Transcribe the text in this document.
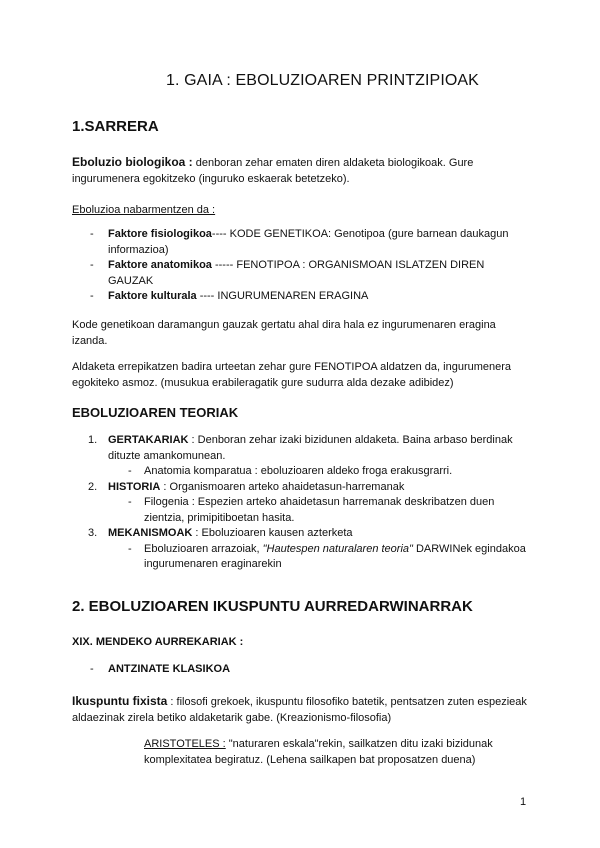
1. GAIA : EBOLUZIOAREN PRINTZIPIOAK
1.SARRERA
Eboluzio biologikoa : denboran zehar ematen diren aldaketa biologikoak. Gure ingurumenera egokitzeko (inguruko eskaerak betetzeko).
Eboluzioa nabarmentzen da :
- Faktore fisiologikoa---- KODE GENETIKOA: Genotipoa (gure barnean daukagun informazioa)
- Faktore anatomikoa ----- FENOTIPOA : ORGANISMOAN ISLATZEN DIREN GAUZAK
- Faktore kulturala ---- INGURUMENAREN ERAGINA
Kode genetikoan daramangun gauzak gertatu ahal dira hala ez ingurumenaren eragina izanda.
Aldaketa errepikatzen badira urteetan zehar gure FENOTIPOA aldatzen da, ingurumenera egokiteko asmoz. (musukua erabileragatik gure sudurra alda dezake adibidez)
EBOLUZIOAREN TEORIAK
1. GERTAKARIAK : Denboran zehar izaki bizidunen aldaketa. Baina arbaso berdinak dituzte amankomunean.
- Anatomia komparatua : eboluzioaren aldeko froga erakusgrarri.
2. HISTORIA : Organismoaren arteko ahaidetasun-harremanak
- Filogenia : Espezien arteko ahaidetasun harremanak deskribatzen duen zientzia, primipitiboetan hasita.
3. MEKANISMOAK : Eboluzioaren kausen azterketa
- Eboluzioaren arrazoiak, "Hautespen naturalaren teoria" DARWINek egindakoa ingurumenaren eraginarekin
2. EBOLUZIOAREN IKUSPUNTU AURREDARWINARRAK
XIX. MENDEKO AURREKARIAK :
- ANTZINATE KLASIKOA
Ikuspuntu fixista : filosofi grekoek, ikuspuntu filosofiko batetik, pentsatzen zuten espezieak aldaezinak zirela betiko aldaketarik gabe. (Kreazionismo-filosofia)
ARISTOTELES : "naturaren eskala"rekin, sailkatzen ditu izaki bizidunak komplexitatea begiratuz. (Lehena sailkapen bat proposatzen duena)
1
